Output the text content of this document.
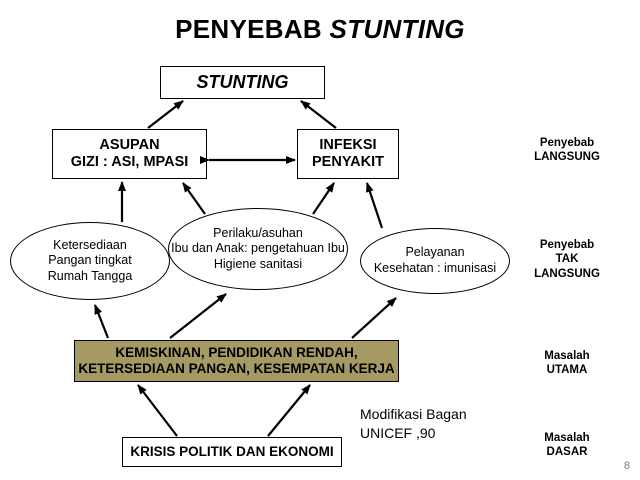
PENYEBAB STUNTING
STUNTING
ASUPAN
GIZI : ASI, MPASI
INFEKSI
PENYAKIT
KEMISKINAN, PENDIDIKAN RENDAH,
KETERSEDIAAN PANGAN, KESEMPATAN KERJA
KRISIS POLITIK DAN EKONOMI
Ketersediaan
Pangan tingkat
Rumah Tangga
Perilaku/asuhan
Ibu dan Anak: pengetahuan Ibu
Higiene sanitasi
Pelayanan
Kesehatan : imunisasi
Penyebab
LANGSUNG
Penyebab
TAK
LANGSUNG
Masalah
UTAMA
Masalah
DASAR
Modifikasi Bagan
UNICEF ,90
8
